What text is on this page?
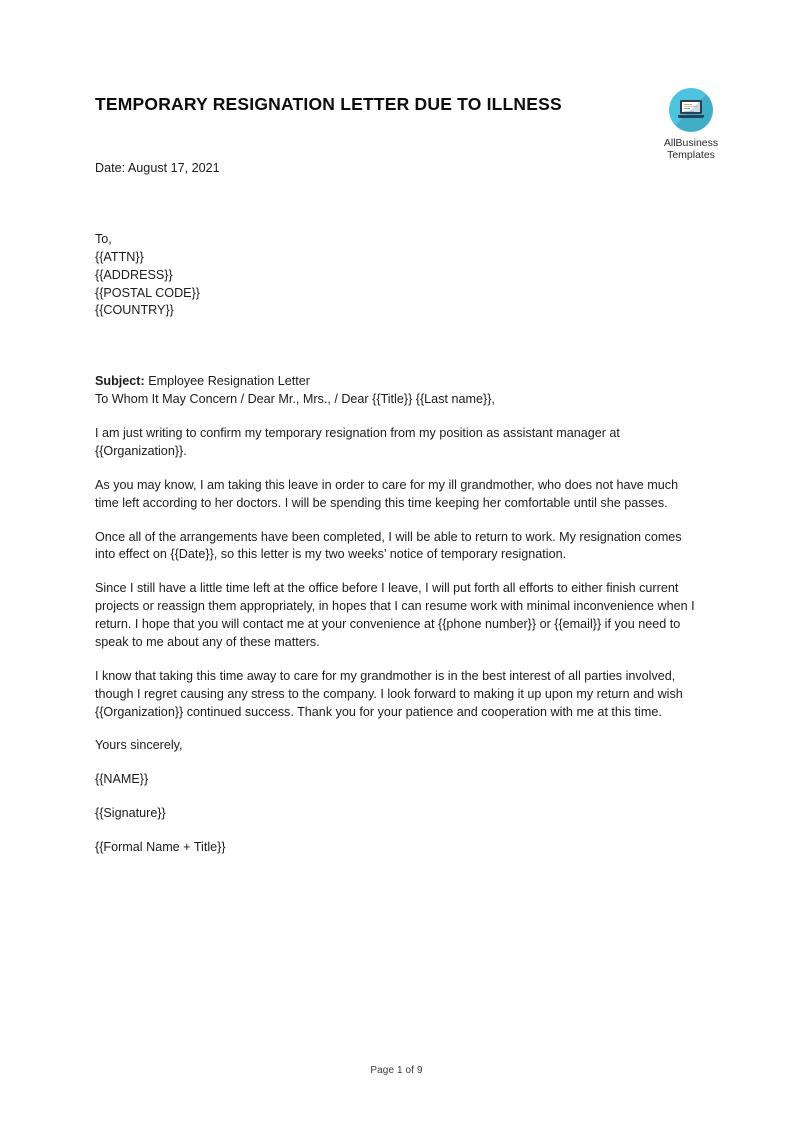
TEMPORARY RESIGNATION LETTER DUE TO ILLNESS
AllBusiness
Templates
Date: August 17, 2021
To,
{{ATTN}}
{{ADDRESS}}
{{POSTAL CODE}}
{{COUNTRY}}
Subject: Employee Resignation Letter

To Whom It May Concern / Dear Mr., Mrs., / Dear {{Title}} {{Last name}},

I am just writing to confirm my temporary resignation from my position as assistant manager at {{Organization}}.

As you may know, I am taking this leave in order to care for my ill grandmother, who does not have much time left according to her doctors. I will be spending this time keeping her comfortable until she passes.

Once all of the arrangements have been completed, I will be able to return to work. My resignation comes into effect on {{Date}}, so this letter is my two weeks’ notice of temporary resignation.

Since I still have a little time left at the office before I leave, I will put forth all efforts to either finish current projects or reassign them appropriately, in hopes that I can resume work with minimal inconvenience when I return. I hope that you will contact me at your convenience at {{phone number}} or {{email}} if you need to speak to me about any of these matters.

I know that taking this time away to care for my grandmother is in the best interest of all parties involved, though I regret causing any stress to the company. I look forward to making it up upon my return and wish {{Organization}} continued success. Thank you for your patience and cooperation with me at this time.

Yours sincerely,

{{NAME}}

{{Signature}}

{{Formal Name + Title}}

Page 1 of 9
